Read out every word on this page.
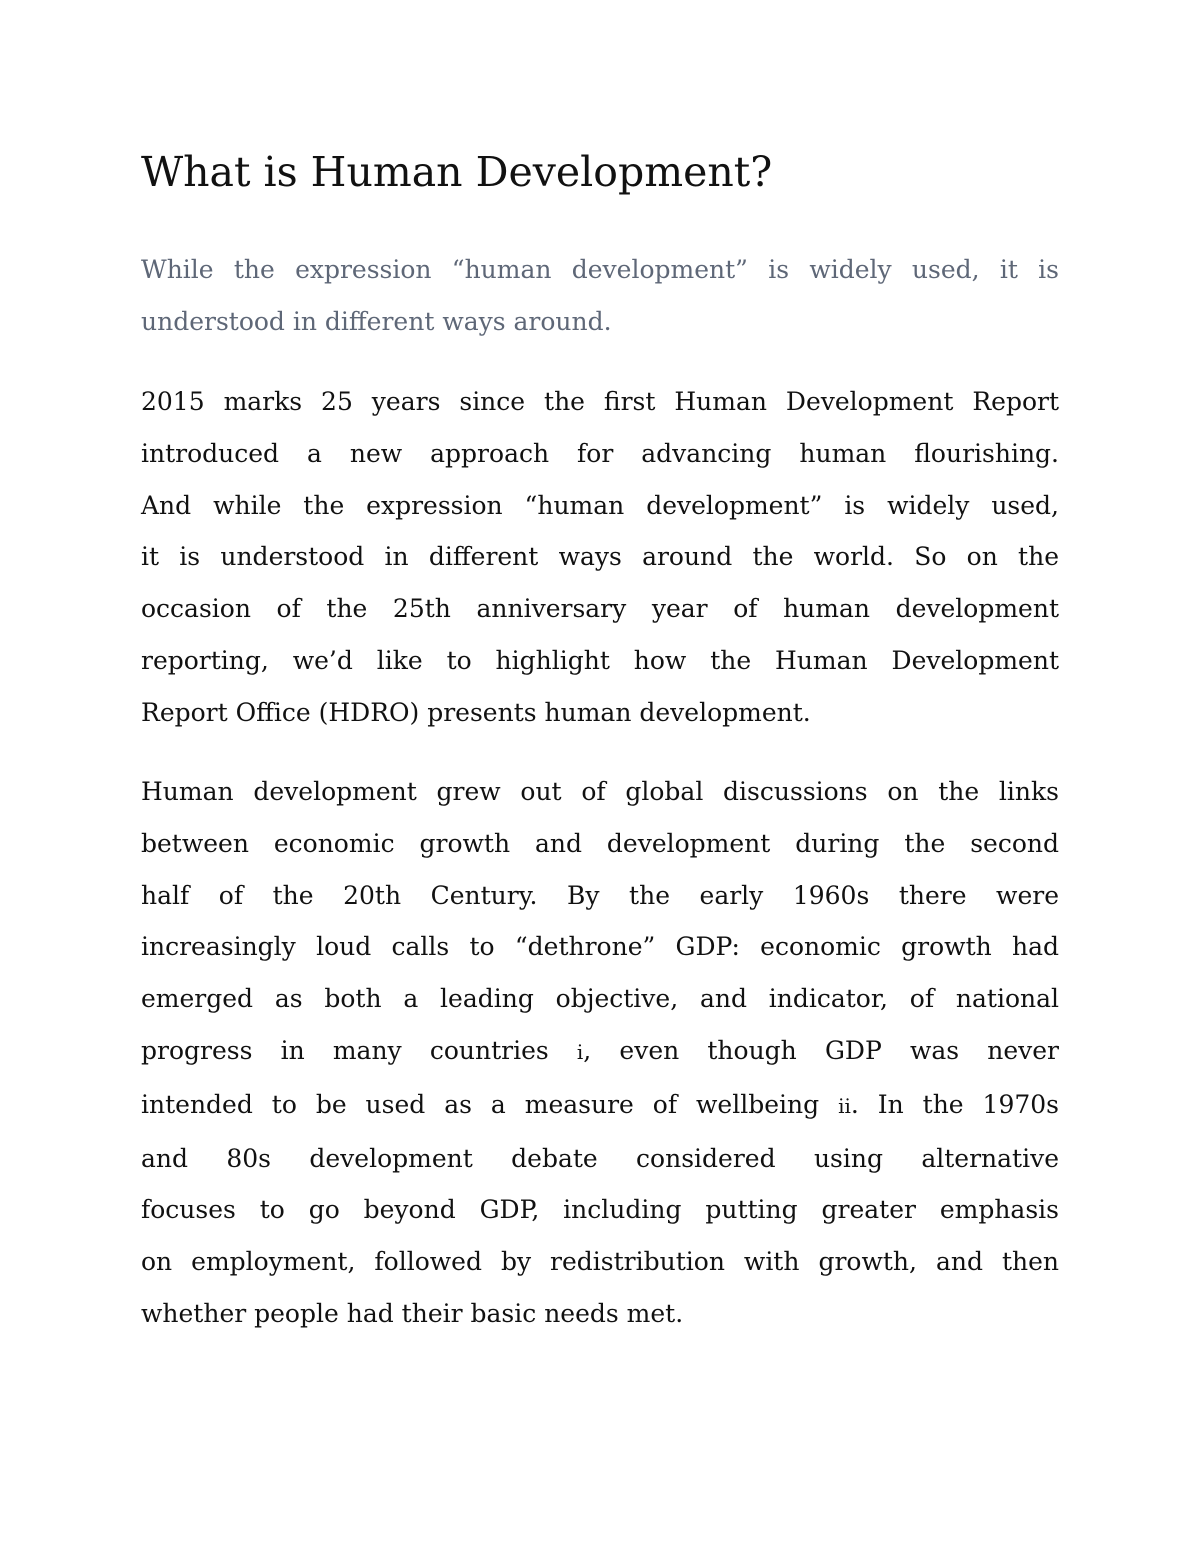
What is Human Development?

While the expression “human development” is widely used, it is
understood in different ways around.

2015 marks 25 years since the first Human Development Report
introduced a new approach for advancing human flourishing.
And while the expression “human development” is widely used,
it is understood in different ways around the world. So on the
occasion of the 25th anniversary year of human development
reporting, we’d like to highlight how the Human Development
Report Office (HDRO) presents human development.

Human development grew out of global discussions on the links
between economic growth and development during the second
half of the 20th Century. By the early 1960s there were
increasingly loud calls to “dethrone” GDP: economic growth had
emerged as both a leading objective, and indicator, of national
progress in many countries i, even though GDP was never
intended to be used as a measure of wellbeing ii. In the 1970s
and 80s development debate considered using alternative
focuses to go beyond GDP, including putting greater emphasis
on employment, followed by redistribution with growth, and then
whether people had their basic needs met.
